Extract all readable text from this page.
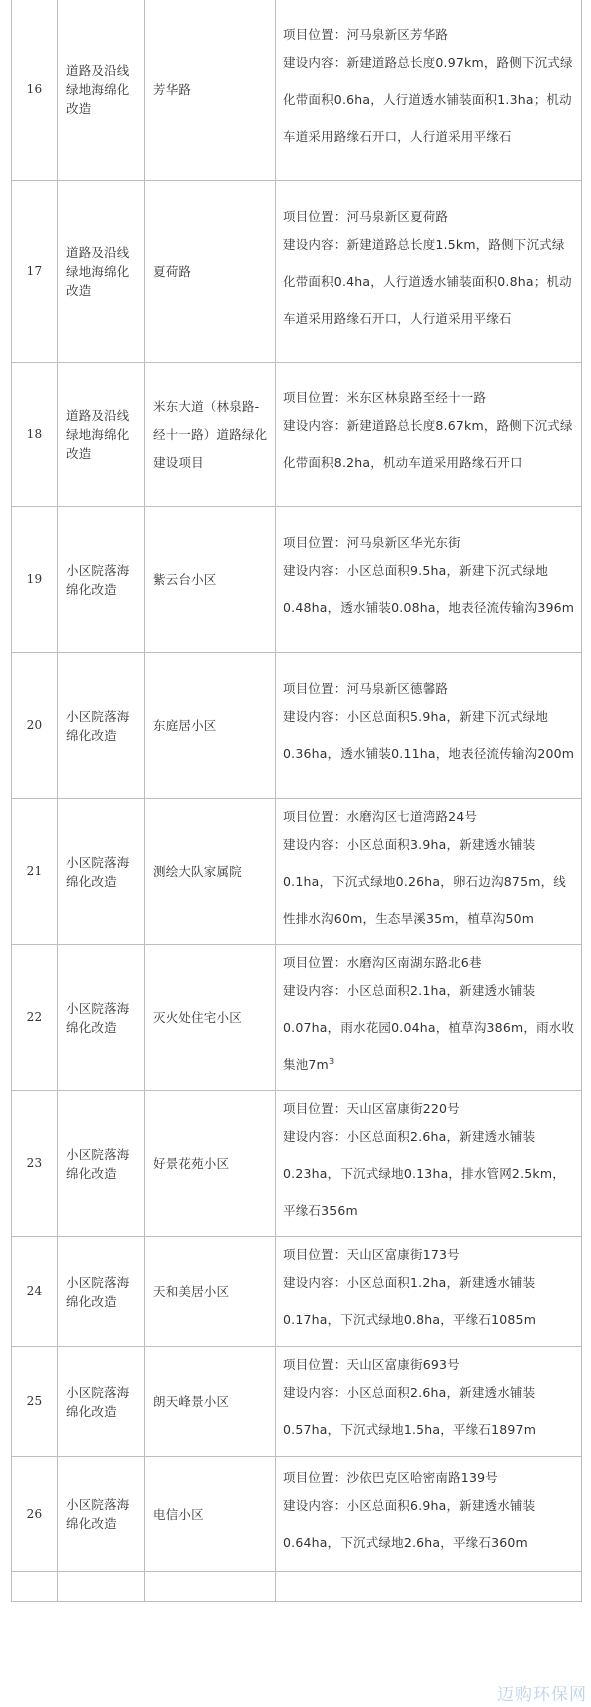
16	道路及沿线绿地海绵化改造	芳华路	项目位置：河马泉新区芳华路
建设内容：新建道路总长度0.97km，路侧下沉式绿化带面积0.6ha，人行道透水铺装面积1.3ha；机动车道采用路缘石开口，人行道采用平缘石

17	道路及沿线绿地海绵化改造	夏荷路	项目位置：河马泉新区夏荷路
建设内容：新建道路总长度1.5km，路侧下沉式绿化带面积0.4ha，人行道透水铺装面积0.8ha；机动车道采用路缘石开口，人行道采用平缘石

18	道路及沿线绿地海绵化改造	米东大道（林泉路-经十一路）道路绿化建设项目	项目位置：米东区林泉路至经十一路
建设内容：新建道路总长度8.67km，路侧下沉式绿化带面积8.2ha，机动车道采用路缘石开口

19	小区院落海绵化改造	紫云台小区	项目位置：河马泉新区华光东街
建设内容：小区总面积9.5ha，新建下沉式绿地0.48ha，透水铺装0.08ha，地表径流传输沟396m

20	小区院落海绵化改造	东庭居小区	项目位置：河马泉新区德馨路
建设内容：小区总面积5.9ha，新建下沉式绿地0.36ha，透水铺装0.11ha，地表径流传输沟200m

21	小区院落海绵化改造	测绘大队家属院	项目位置：水磨沟区七道湾路24号
建设内容：小区总面积3.9ha，新建透水铺装0.1ha，下沉式绿地0.26ha，卵石边沟875m，线性排水沟60m，生态旱溪35m，植草沟50m

22	小区院落海绵化改造	灭火处住宅小区	项目位置：水磨沟区南湖东路北6巷
建设内容：小区总面积2.1ha，新建透水铺装0.07ha，雨水花园0.04ha，植草沟386m，雨水收集池$7m^3$

23	小区院落海绵化改造	好景花苑小区	项目位置：天山区富康街220号
建设内容：小区总面积2.6ha，新建透水铺装0.23ha，下沉式绿地0.13ha，排水管网2.5km，平缘石356m

24	小区院落海绵化改造	天和美居小区	项目位置：天山区富康街173号
建设内容：小区总面积1.2ha，新建透水铺装0.17ha，下沉式绿地0.8ha，平缘石1085m

25	小区院落海绵化改造	朗天峰景小区	项目位置：天山区富康街693号
建设内容：小区总面积2.6ha，新建透水铺装0.57ha，下沉式绿地1.5ha，平缘石1897m

26	小区院落海绵化改造	电信小区	项目位置：沙依巴克区哈密南路139号
建设内容：小区总面积6.9ha，新建透水铺装0.64ha，下沉式绿地2.6ha，平缘石360m

迈购环保网
